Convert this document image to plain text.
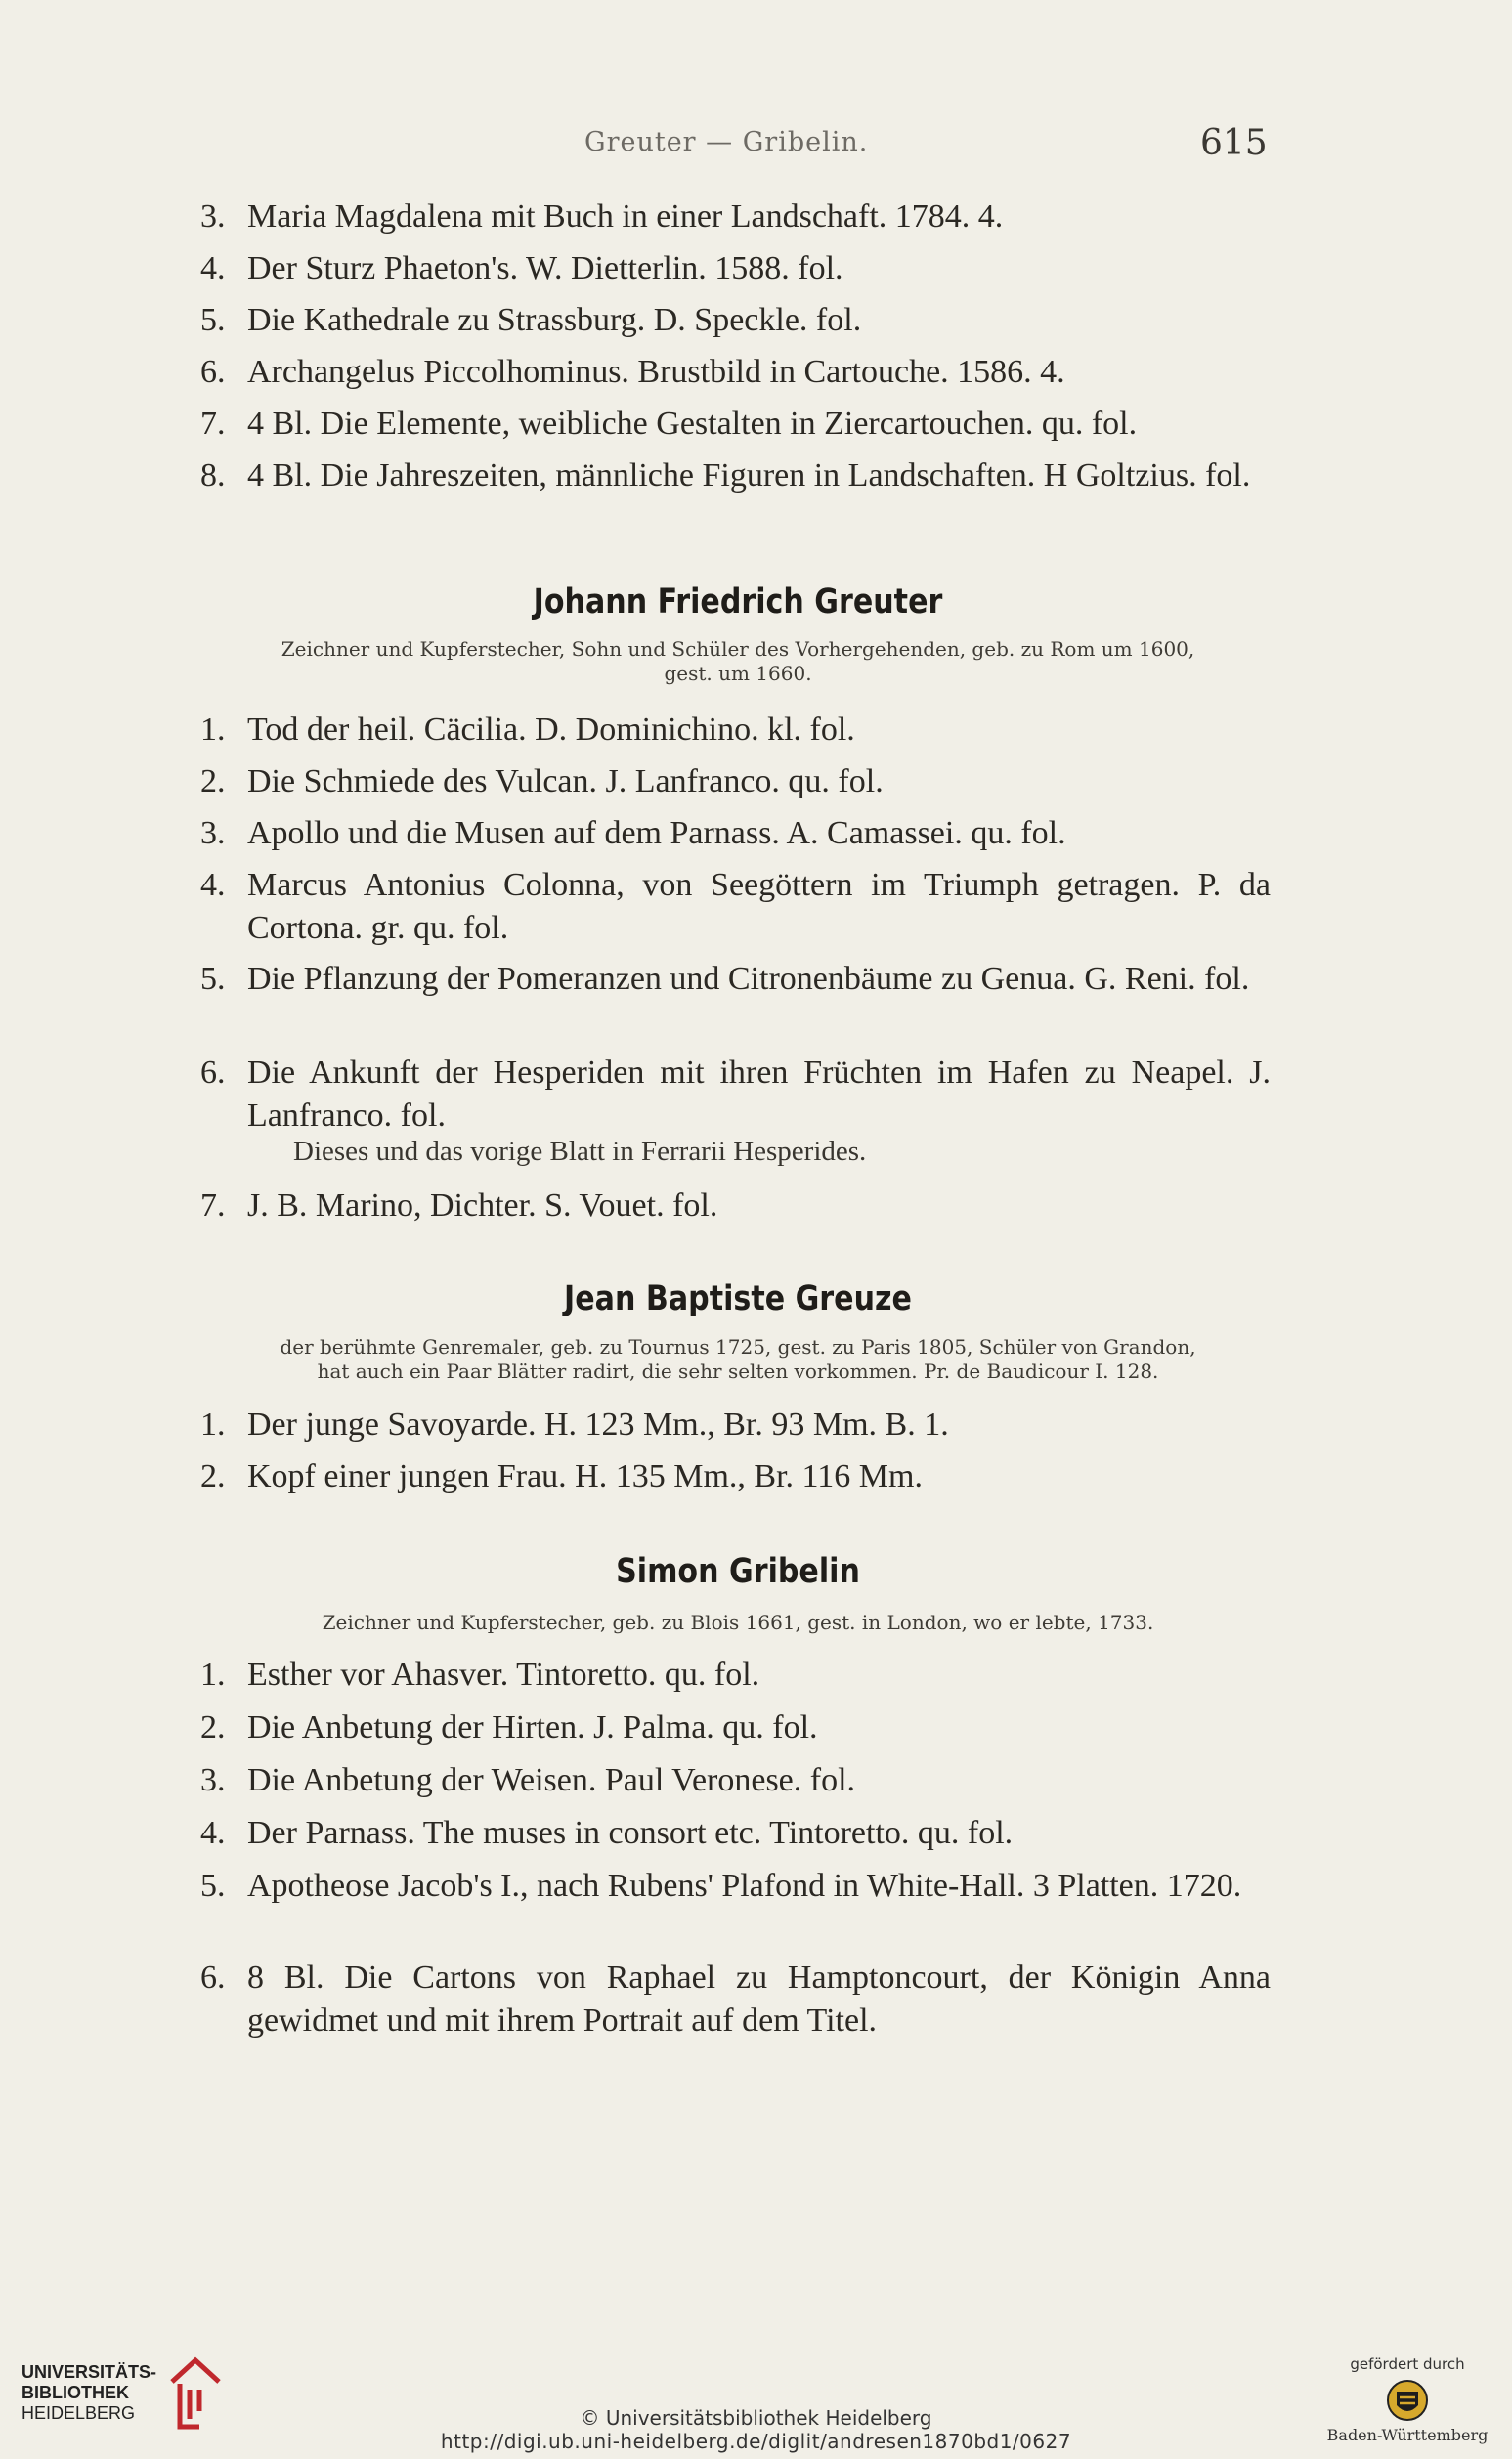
Greuter — Gribelin.	615
3. Maria Magdalena mit Buch in einer Landschaft. 1784. 4.
4. Der Sturz Phaeton's. W. Dietterlin. 1588. fol.
5. Die Kathedrale zu Strassburg. D. Speckle. fol.
6. Archangelus Piccolhominus. Brustbild in Cartouche. 1586. 4.
7. 4 Bl. Die Elemente, weibliche Gestalten in Ziercartouchen. qu. fol.
8. 4 Bl. Die Jahreszeiten, männliche Figuren in Landschaften. H Goltzius. fol.
Johann Friedrich Greuter
Zeichner und Kupferstecher, Sohn und Schüler des Vorhergehenden, geb. zu Rom um 1600,
gest. um 1660.
1. Tod der heil. Cäcilia. D. Dominichino. kl. fol.
2. Die Schmiede des Vulcan. J. Lanfranco. qu. fol.
3. Apollo und die Musen auf dem Parnass. A. Camassei. qu. fol.
4. Marcus Antonius Colonna, von Seegöttern im Triumph getragen. P. da Cortona. gr. qu. fol.
5. Die Pflanzung der Pomeranzen und Citronenbäume zu Genua. G. Reni. fol.
6. Die Ankunft der Hesperiden mit ihren Früchten im Hafen zu Neapel. J. Lanfranco. fol.
Dieses und das vorige Blatt in Ferrarii Hesperides.
7. J. B. Marino, Dichter. S. Vouet. fol.
Jean Baptiste Greuze
der berühmte Genremaler, geb. zu Tournus 1725, gest. zu Paris 1805, Schüler von Grandon,
hat auch ein Paar Blätter radirt, die sehr selten vorkommen. Pr. de Baudicour I. 128.
1. Der junge Savoyarde. H. 123 Mm., Br. 93 Mm. B. 1.
2. Kopf einer jungen Frau. H. 135 Mm., Br. 116 Mm.
Simon Gribelin
Zeichner und Kupferstecher, geb. zu Blois 1661, gest. in London, wo er lebte, 1733.
1. Esther vor Ahasver. Tintoretto. qu. fol.
2. Die Anbetung der Hirten. J. Palma. qu. fol.
3. Die Anbetung der Weisen. Paul Veronese. fol.
4. Der Parnass. The muses in consort etc. Tintoretto. qu. fol.
5. Apotheose Jacob's I., nach Rubens' Plafond in White-Hall. 3 Platten. 1720.
6. 8 Bl. Die Cartons von Raphael zu Hamptoncourt, der Königin Anna gewidmet und mit ihrem Portrait auf dem Titel.
UNIVERSITÄTS-
BIBLIOTHEK
HEIDELBERG	© Universitätsbibliothek Heidelberg
http://digi.ub.uni-heidelberg.de/diglit/andresen1870bd1/0627
gefördert durch
Baden-Württemberg
